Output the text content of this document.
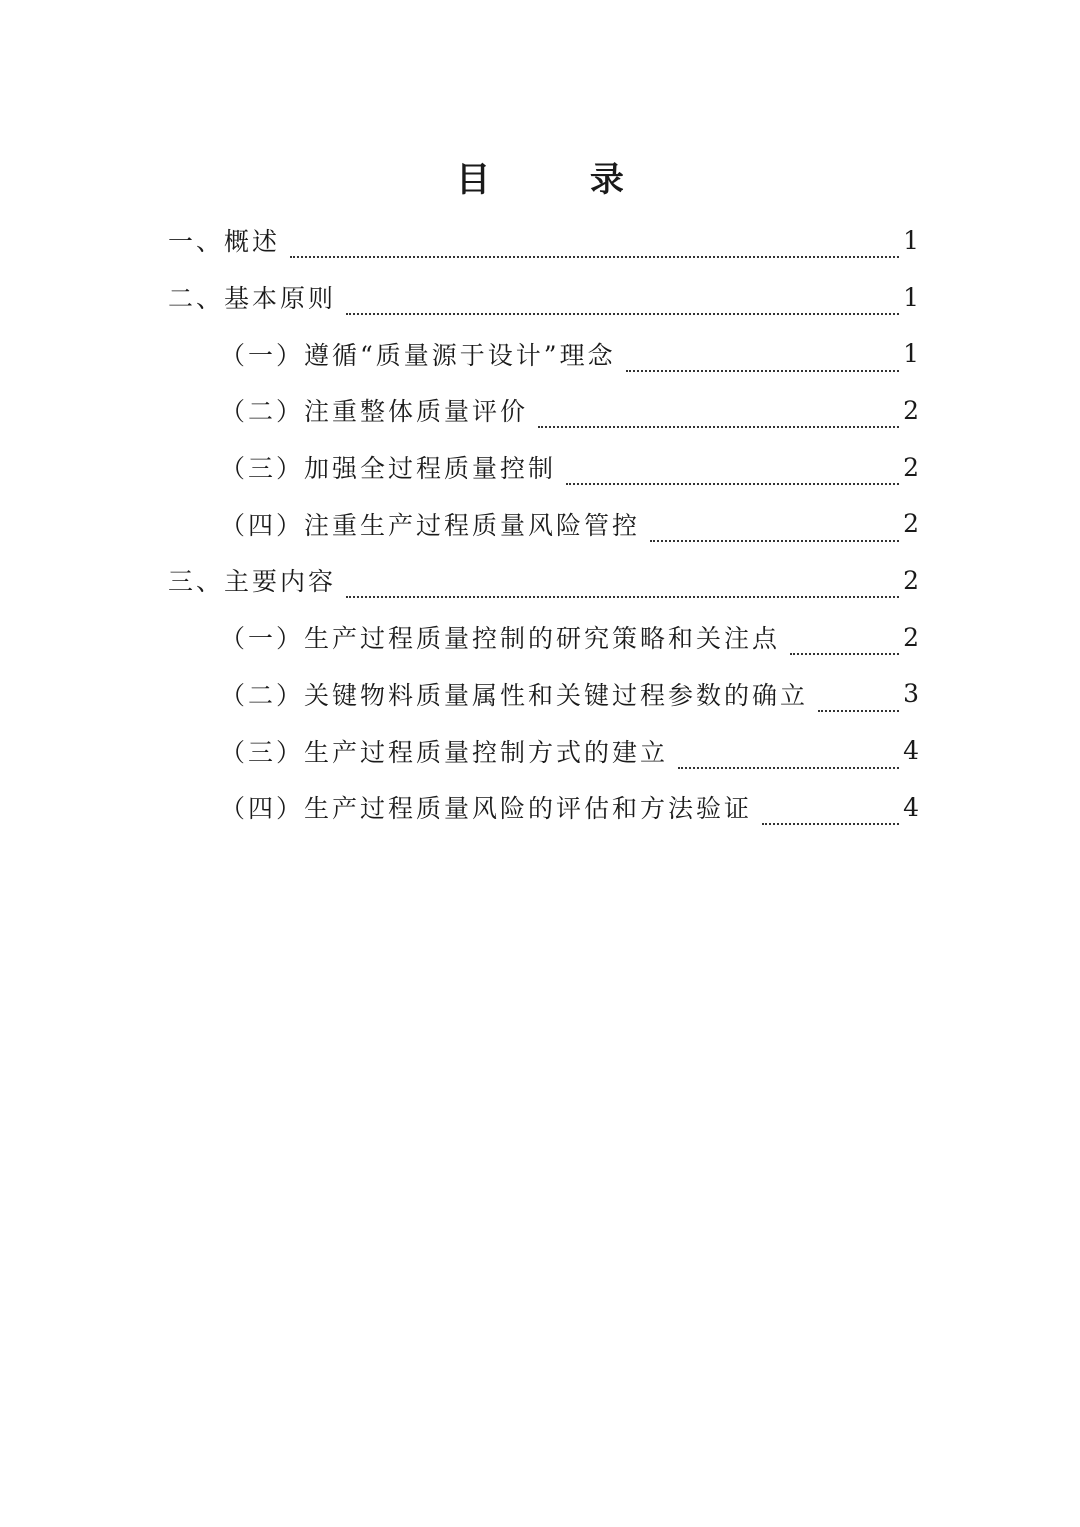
目 录
一、概述	1
二、基本原则	1
（一）遵循“质量源于设计”理念	1
（二）注重整体质量评价	2
（三）加强全过程质量控制	2
（四）注重生产过程质量风险管控	2
三、主要内容	2
（一）生产过程质量控制的研究策略和关注点	2
（二）关键物料质量属性和关键过程参数的确立	3
（三）生产过程质量控制方式的建立	4
（四）生产过程质量风险的评估和方法验证	4
